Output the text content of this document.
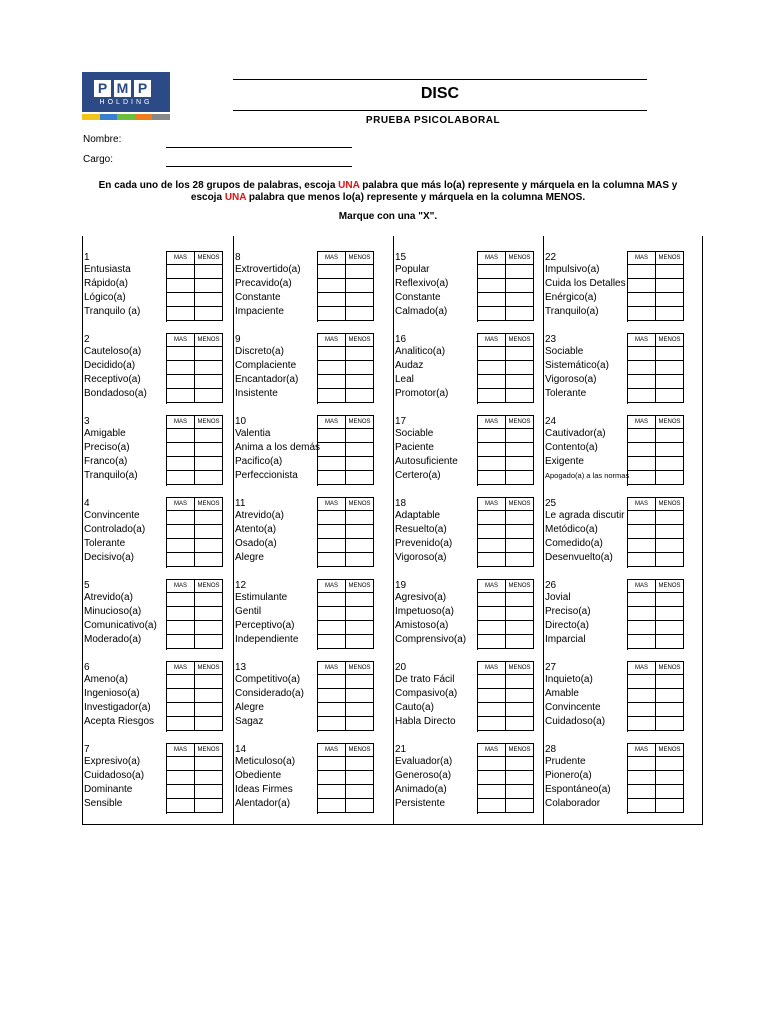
P M P
HOLDING
DISC
PRUEBA PSICOLABORAL
Nombre:
Cargo:
En cada uno de los 28 grupos de palabras, escoja UNA palabra que más lo(a) represente y márquela en la columna MAS y escoja UNA palabra que menos lo(a) represente y márquela en la columna MENOS.
Marque con una "X".
1
Entusiasta
Rápido(a)
Lógico(a)
Tranquilo (a)
MAS	MENOS
2
Cauteloso(a)
Decidido(a)
Receptivo(a)
Bondadoso(a)
MAS	MENOS
3
Amigable
Preciso(a)
Franco(a)
Tranquilo(a)
MAS	MENOS
4
Convincente
Controlado(a)
Tolerante
Decisivo(a)
MAS	MENOS
5
Atrevido(a)
Minucioso(a)
Comunicativo(a)
Moderado(a)
MAS	MENOS
6
Ameno(a)
Ingenioso(a)
Investigador(a)
Acepta Riesgos
MAS	MENOS
7
Expresivo(a)
Cuidadoso(a)
Dominante
Sensible
MAS	MENOS
8
Extrovertido(a)
Precavido(a)
Constante
Impaciente
MAS	MENOS
9
Discreto(a)
Complaciente
Encantador(a)
Insistente
MAS	MENOS
10
Valentia
Anima a los demás
Pacifico(a)
Perfeccionista
MAS	MENOS
11
Atrevido(a)
Atento(a)
Osado(a)
Alegre
MAS	MENOS
12
Estimulante
Gentil
Perceptivo(a)
Independiente
MAS	MENOS
13
Competitivo(a)
Considerado(a)
Alegre
Sagaz
MAS	MENOS
14
Meticuloso(a)
Obediente
Ideas Firmes
Alentador(a)
MAS	MENOS
15
Popular
Reflexivo(a)
Constante
Calmado(a)
MAS	MENOS
16
Analitico(a)
Audaz
Leal
Promotor(a)
MAS	MENOS
17
Sociable
Paciente
Autosuficiente
Certero(a)
MAS	MENOS
18
Adaptable
Resuelto(a)
Prevenido(a)
Vigoroso(a)
MAS	MENOS
19
Agresivo(a)
Impetuoso(a)
Amistoso(a)
Comprensivo(a)
MAS	MENOS
20
De trato Fácil
Compasivo(a)
Cauto(a)
Habla Directo
MAS	MENOS
21
Evaluador(a)
Generoso(a)
Animado(a)
Persistente
MAS	MENOS
22
Impulsivo(a)
Cuida los Detalles
Enérgico(a)
Tranquilo(a)
MAS	MENOS
23
Sociable
Sistemático(a)
Vigoroso(a)
Tolerante
MAS	MENOS
24
Cautivador(a)
Contento(a)
Exigente
Apogado(a) a las normas
MAS	MENOS
25
Le agrada discutir
Metódico(a)
Comedido(a)
Desenvuelto(a)
MAS	MENOS
26
Jovial
Preciso(a)
Directo(a)
Imparcial
MAS	MENOS
27
Inquieto(a)
Amable
Convincente
Cuidadoso(a)
MAS	MENOS
28
Prudente
Pionero(a)
Espontáneo(a)
Colaborador
MAS	MENOS
